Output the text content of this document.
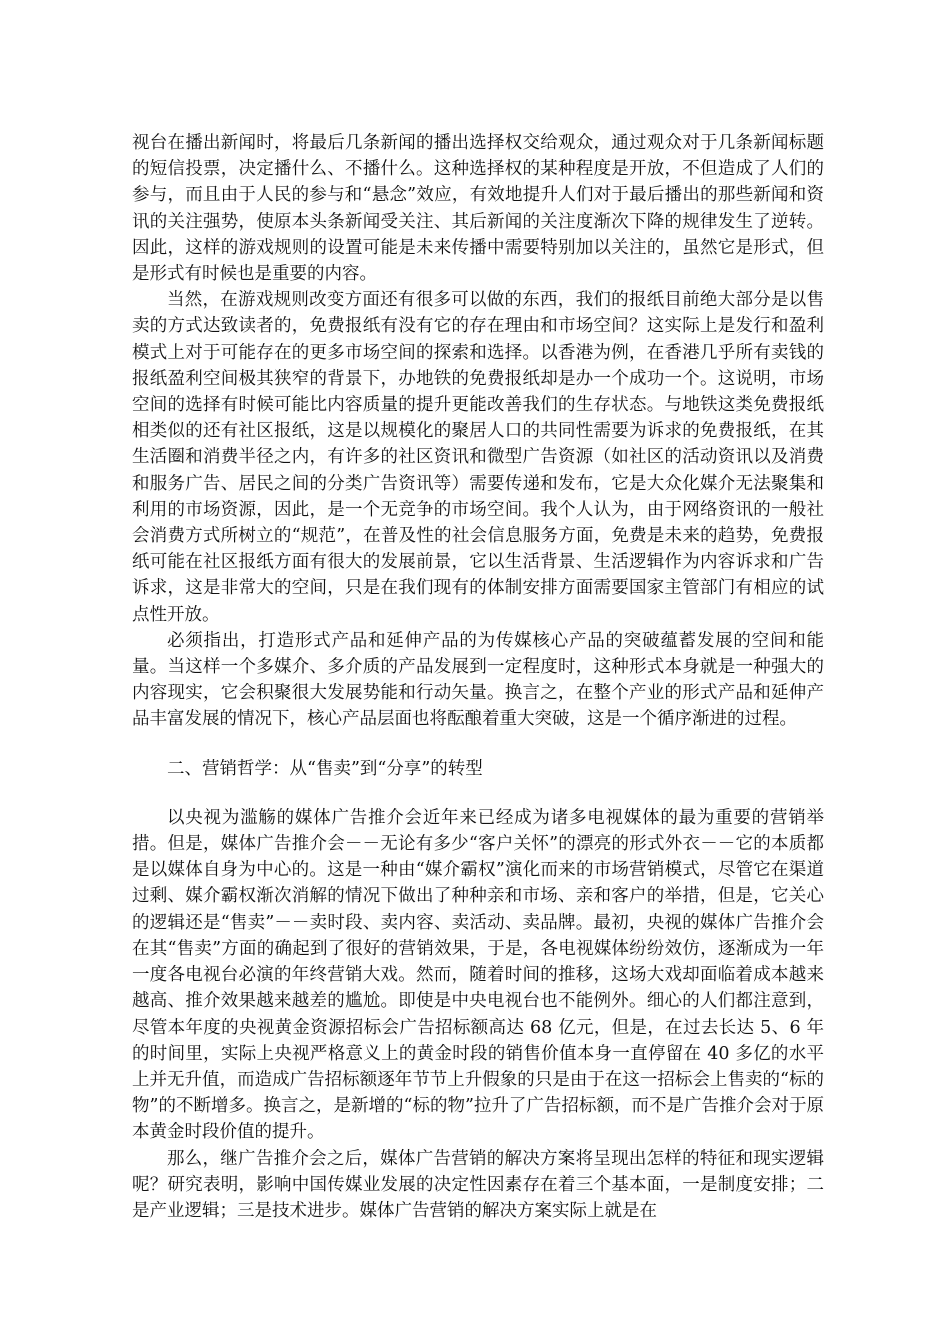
视台在播出新闻时，将最后几条新闻的播出选择权交给观众，通过观众对于几条新闻标题的短信投票，决定播什么、不播什么。这种选择权的某种程度是开放，不但造成了人们的参与，而且由于人民的参与和“悬念”效应，有效地提升人们对于最后播出的那些新闻和资讯的关注强势，使原本头条新闻受关注、其后新闻的关注度渐次下降的规律发生了逆转。因此，这样的游戏规则的设置可能是未来传播中需要特别加以关注的，虽然它是形式，但是形式有时候也是重要的内容。

当然，在游戏规则改变方面还有很多可以做的东西，我们的报纸目前绝大部分是以售卖的方式达致读者的，免费报纸有没有它的存在理由和市场空间？这实际上是发行和盈利模式上对于可能存在的更多市场空间的探索和选择。以香港为例，在香港几乎所有卖钱的报纸盈利空间极其狭窄的背景下，办地铁的免费报纸却是办一个成功一个。这说明，市场空间的选择有时候可能比内容质量的提升更能改善我们的生存状态。与地铁这类免费报纸相类似的还有社区报纸，这是以规模化的聚居人口的共同性需要为诉求的免费报纸，在其生活圈和消费半径之内，有许多的社区资讯和微型广告资源（如社区的活动资讯以及消费和服务广告、居民之间的分类广告资讯等）需要传递和发布，它是大众化媒介无法聚集和利用的市场资源，因此，是一个无竞争的市场空间。我个人认为，由于网络资讯的一般社会消费方式所树立的“规范”，在普及性的社会信息服务方面，免费是未来的趋势，免费报纸可能在社区报纸方面有很大的发展前景，它以生活背景、生活逻辑作为内容诉求和广告诉求，这是非常大的空间，只是在我们现有的体制安排方面需要国家主管部门有相应的试点性开放。

必须指出，打造形式产品和延伸产品的为传媒核心产品的突破蕴蓄发展的空间和能量。当这样一个多媒介、多介质的产品发展到一定程度时，这种形式本身就是一种强大的内容现实，它会积聚很大发展势能和行动矢量。换言之，在整个产业的形式产品和延伸产品丰富发展的情况下，核心产品层面也将酝酿着重大突破，这是一个循序渐进的过程。

二、营销哲学：从“售卖”到“分享”的转型

以央视为滥觞的媒体广告推介会近年来已经成为诸多电视媒体的最为重要的营销举措。但是，媒体广告推介会－－无论有多少“客户关怀”的漂亮的形式外衣－－它的本质都是以媒体自身为中心的。这是一种由“媒介霸权”演化而来的市场营销模式，尽管它在渠道过剩、媒介霸权渐次消解的情况下做出了种种亲和市场、亲和客户的举措，但是，它关心的逻辑还是“售卖”－－卖时段、卖内容、卖活动、卖品牌。最初，央视的媒体广告推介会在其“售卖”方面的确起到了很好的营销效果，于是，各电视媒体纷纷效仿，逐渐成为一年一度各电视台必演的年终营销大戏。然而，随着时间的推移，这场大戏却面临着成本越来越高、推介效果越来越差的尴尬。即使是中央电视台也不能例外。细心的人们都注意到，尽管本年度的央视黄金资源招标会广告招标额高达 68 亿元，但是，在过去长达 5、6 年的时间里，实际上央视严格意义上的黄金时段的销售价值本身一直停留在 40 多亿的水平上并无升值，而造成广告招标额逐年节节上升假象的只是由于在这一招标会上售卖的“标的物”的不断增多。换言之，是新增的“标的物”拉升了广告招标额，而不是广告推介会对于原本黄金时段价值的提升。

那么，继广告推介会之后，媒体广告营销的解决方案将呈现出怎样的特征和现实逻辑呢？研究表明，影响中国传媒业发展的决定性因素存在着三个基本面，一是制度安排；二是产业逻辑；三是技术进步。媒体广告营销的解决方案实际上就是在
